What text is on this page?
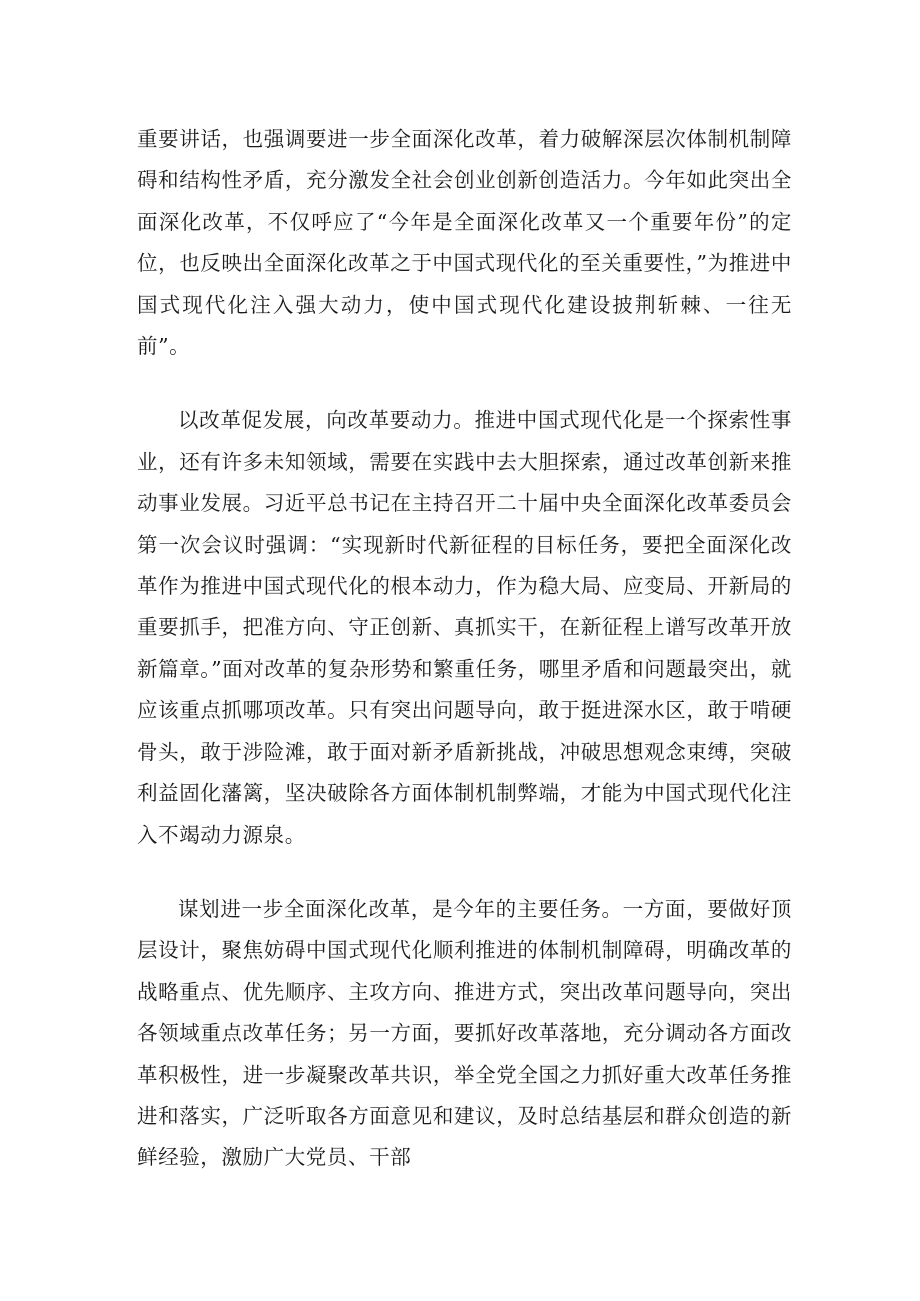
重要讲话，也强调要进一步全面深化改革，着力破解深层次体制机制障碍和结构性矛盾，充分激发全社会创业创新创造活力。今年如此突出全面深化改革，不仅呼应了“今年是全面深化改革又一个重要年份”的定位，也反映出全面深化改革之于中国式现代化的至关重要性，”为推进中国式现代化注入强大动力，使中国式现代化建设披荆斩棘、一往无前”。

以改革促发展，向改革要动力。推进中国式现代化是一个探索性事业，还有许多未知领域，需要在实践中去大胆探索，通过改革创新来推动事业发展。习近平总书记在主持召开二十届中央全面深化改革委员会第一次会议时强调：“实现新时代新征程的目标任务，要把全面深化改革作为推进中国式现代化的根本动力，作为稳大局、应变局、开新局的重要抓手，把准方向、守正创新、真抓实干，在新征程上谱写改革开放新篇章。”面对改革的复杂形势和繁重任务，哪里矛盾和问题最突出，就应该重点抓哪项改革。只有突出问题导向，敢于挺进深水区，敢于啃硬骨头，敢于涉险滩，敢于面对新矛盾新挑战，冲破思想观念束缚，突破利益固化藩篱，坚决破除各方面体制机制弊端，才能为中国式现代化注入不竭动力源泉。

谋划进一步全面深化改革，是今年的主要任务。一方面，要做好顶层设计，聚焦妨碍中国式现代化顺利推进的体制机制障碍，明确改革的战略重点、优先顺序、主攻方向、推进方式，突出改革问题导向，突出各领域重点改革任务；另一方面，要抓好改革落地，充分调动各方面改革积极性，进一步凝聚改革共识，举全党全国之力抓好重大改革任务推进和落实，广泛听取各方面意见和建议，及时总结基层和群众创造的新鲜经验，激励广大党员、干部
